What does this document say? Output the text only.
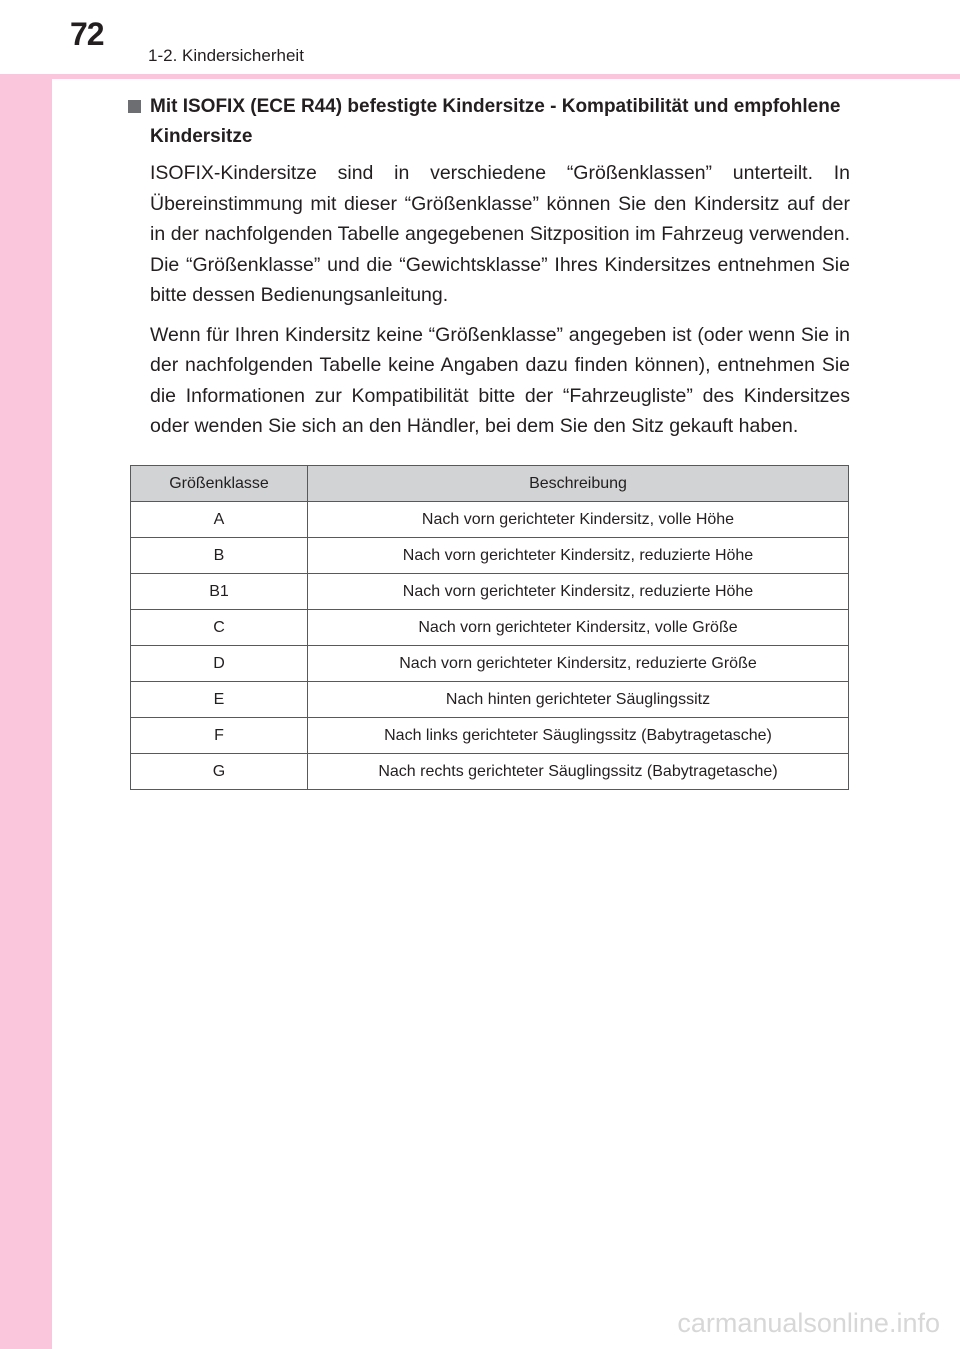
72
1-2. Kindersicherheit
Mit ISOFIX (ECE R44) befestigte Kindersitze - Kompatibilität und empfohlene Kindersitze

ISOFIX-Kindersitze sind in verschiedene “Größenklassen” unterteilt. In Übereinstimmung mit dieser “Größenklasse” können Sie den Kindersitz auf der in der nachfolgenden Tabelle angegebenen Sitzposition im Fahrzeug verwenden. Die “Größenklasse” und die “Gewichtsklasse” Ihres Kindersitzes entnehmen Sie bitte dessen Bedienungsanleitung.

Wenn für Ihren Kindersitz keine “Größenklasse” angegeben ist (oder wenn Sie in der nachfolgenden Tabelle keine Angaben dazu finden können), entnehmen Sie die Informationen zur Kompatibilität bitte der “Fahrzeugliste” des Kindersitzes oder wenden Sie sich an den Händler, bei dem Sie den Sitz gekauft haben.

Größenklasse	Beschreibung
A	Nach vorn gerichteter Kindersitz, volle Höhe
B	Nach vorn gerichteter Kindersitz, reduzierte Höhe
B1	Nach vorn gerichteter Kindersitz, reduzierte Höhe
C	Nach vorn gerichteter Kindersitz, volle Größe
D	Nach vorn gerichteter Kindersitz, reduzierte Größe
E	Nach hinten gerichteter Säuglingssitz
F	Nach links gerichteter Säuglingssitz (Babytragetasche)
G	Nach rechts gerichteter Säuglingssitz (Babytragetasche)
carmanualsonline.info
